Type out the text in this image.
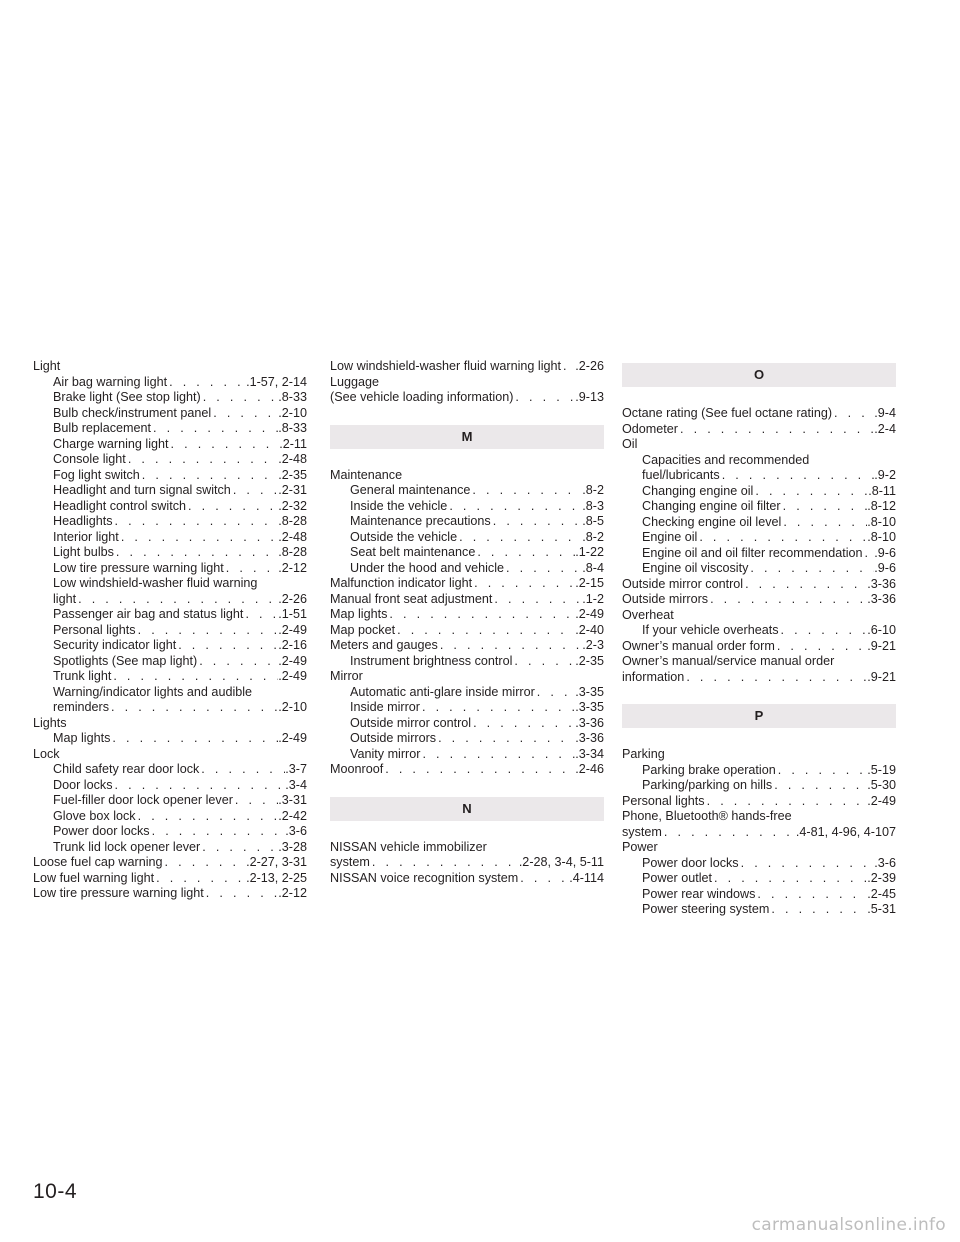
Light
Air bag warning light . . .	.1-57, 2-14
Brake light (See stop light) . . .	.8-33
Bulb check/instrument panel . . .	.2-10
Bulb replacement . . .	.8-33
Charge warning light . . .	.2-11
Console light . . .	.2-48
Fog light switch . . .	.2-35
Headlight and turn signal switch . . .	.2-31
Headlight control switch . . .	.2-32
Headlights . . .	.8-28
Interior light . . .	.2-48
Light bulbs . . .	.8-28
Low tire pressure warning light . . .	.2-12
Low windshield-washer fluid warning
light . . .	.2-26
Passenger air bag and status light . . .	.1-51
Personal lights . . .	.2-49
Security indicator light . . .	.2-16
Spotlights (See map light) . . .	.2-49
Trunk light . . .	.2-49
Warning/indicator lights and audible
reminders . . .	.2-10
Lights
Map lights . . .	.2-49
Lock
Child safety rear door lock . . .	.3-7
Door locks . . .	.3-4
Fuel-filler door lock opener lever . . .	.3-31
Glove box lock . . .	.2-42
Power door locks . . .	.3-6
Trunk lid lock opener lever . . .	.3-28
Loose fuel cap warning . . .	.2-27, 3-31
Low fuel warning light . . .	.2-13, 2-25
Low tire pressure warning light . . .	.2-12
Low windshield-washer fluid warning light . . . .2-26
Luggage
(See vehicle loading information) . . .	.9-13
M
Maintenance
General maintenance . . .	.8-2
Inside the vehicle . . .	.8-3
Maintenance precautions . . .	.8-5
Outside the vehicle . . .	.8-2
Seat belt maintenance . . .	.1-22
Under the hood and vehicle . . .	.8-4
Malfunction indicator light . . .	.2-15
Manual front seat adjustment . . .	.1-2
Map lights . . .	.2-49
Map pocket . . .	.2-40
Meters and gauges . . .	.2-3
Instrument brightness control . . .	.2-35
Mirror
Automatic anti-glare inside mirror . . .	.3-35
Inside mirror . . .	.3-35
Outside mirror control . . .	.3-36
Outside mirrors . . .	.3-36
Vanity mirror . . .	.3-34
Moonroof . . .	.2-46
N
NISSAN vehicle immobilizer
system . . .	.2-28, 3-4, 5-11
NISSAN voice recognition system . . .	.4-114
O
Octane rating (See fuel octane rating) . . .	.9-4
Odometer . . .	.2-4
Oil
Capacities and recommended
fuel/lubricants . . .	.9-2
Changing engine oil . . .	.8-11
Changing engine oil filter . . .	.8-12
Checking engine oil level . . .	.8-10
Engine oil . . .	.8-10
Engine oil and oil filter recommendation . . . .9-6
Engine oil viscosity . . .	.9-6
Outside mirror control . . .	.3-36
Outside mirrors . . .	.3-36
Overheat
If your vehicle overheats . . .	.6-10
Owner’s manual order form . . .	.9-21
Owner’s manual/service manual order
information . . .	.9-21
P
Parking
Parking brake operation . . .	.5-19
Parking/parking on hills . . .	.5-30
Personal lights . . .	.2-49
Phone, Bluetooth® hands-free
system . . .	.4-81, 4-96, 4-107
Power
Power door locks . . .	.3-6
Power outlet . . .	.2-39
Power rear windows . . .	.2-45
Power steering system . . .	.5-31
10-4
carmanualsonline.info
